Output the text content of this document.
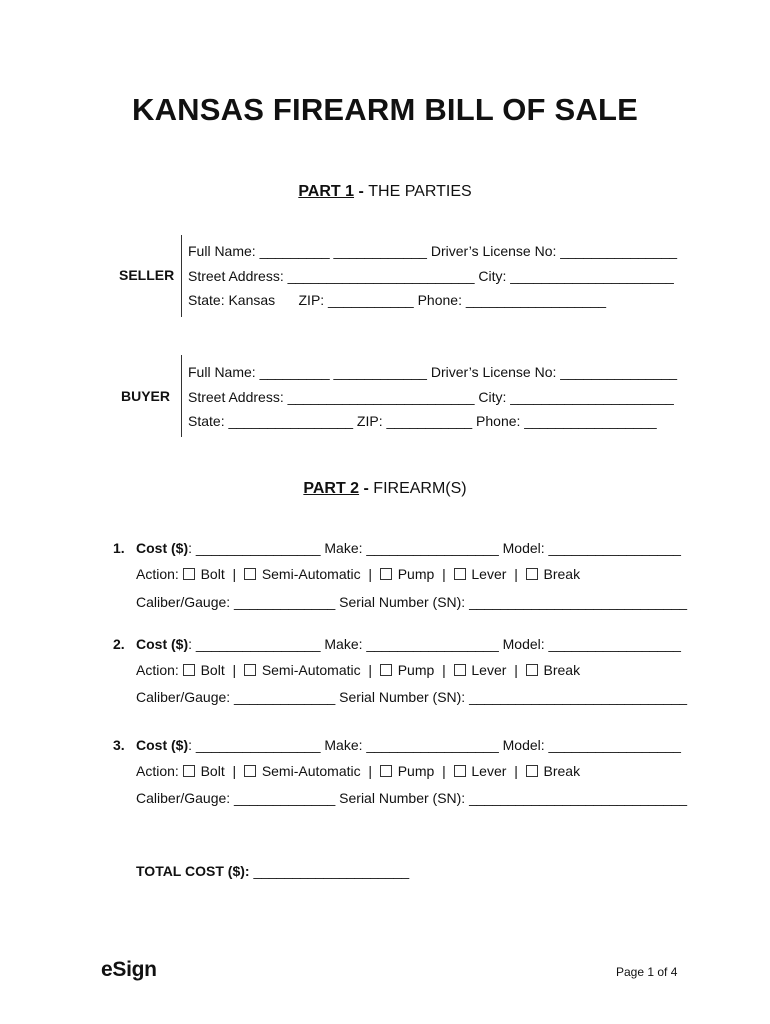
KANSAS FIREARM BILL OF SALE
PART 1 - THE PARTIES
SELLER
Full Name: _________ ____________ Driver’s License No: _______________
Street Address: ________________________ City: _____________________
State: Kansas      ZIP: ___________ Phone: __________________
BUYER
Full Name: _________ ____________ Driver’s License No: _______________
Street Address: ________________________ City: _____________________
State: ________________ ZIP: ___________ Phone: _________________
PART 2 - FIREARM(S)
1. Cost ($): ________________ Make: _________________ Model: _________________
Action:  Bolt  |   Semi-Automatic  |   Pump  |   Lever  |   Break
Caliber/Gauge: _____________ Serial Number (SN): ____________________________
2. Cost ($): ________________ Make: _________________ Model: _________________
Action:  Bolt  |   Semi-Automatic  |   Pump  |   Lever  |   Break
Caliber/Gauge: _____________ Serial Number (SN): ____________________________
3. Cost ($): ________________ Make: _________________ Model: _________________
Action:  Bolt  |   Semi-Automatic  |   Pump  |   Lever  |   Break
Caliber/Gauge: _____________ Serial Number (SN): ____________________________
TOTAL COST ($): ____________________
eSign	Page 1 of 4
